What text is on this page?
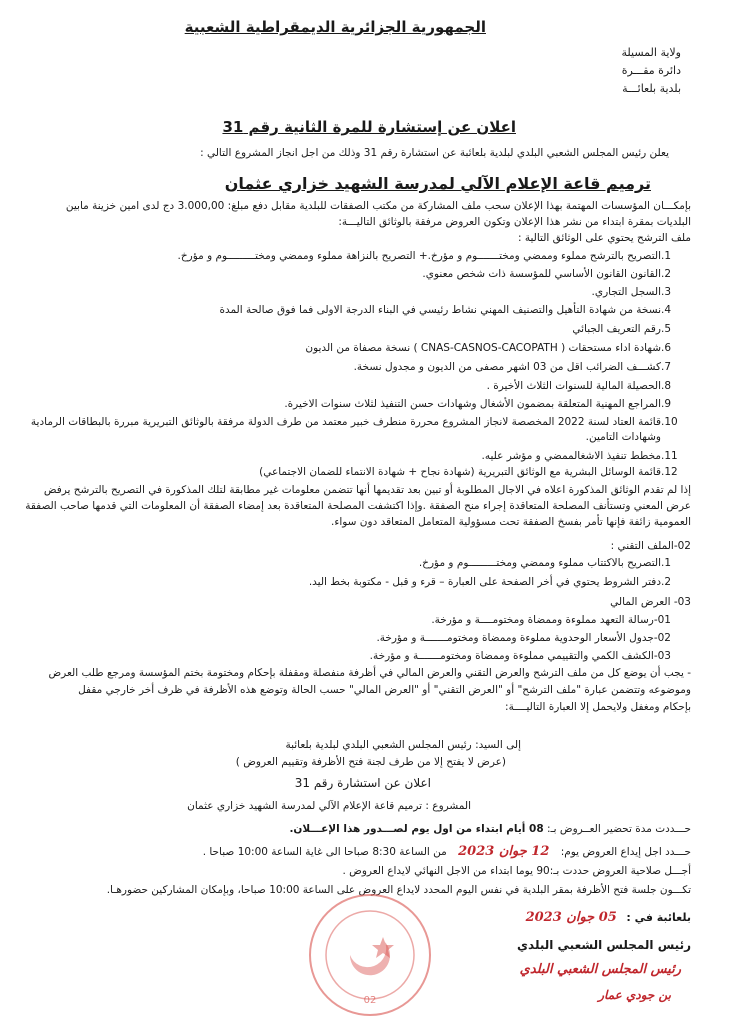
الجمهورية الجزائرية الديمقراطية الشعبية
ولاية المسيلة
دائرة مقـــرة
بلدية بلعائـــة
اعلان عن إستشارة للمرة الثانية رقم 31
يعلن رئيس المجلس الشعبي البلدي لبلدية بلعائبة عن استشارة رقم 31 وذلك من اجل انجاز المشروع التالي :
ترميم قاعة الإعلام الآلي لمدرسة الشهيد خزاري عثمان
بإمكـــان المؤسسات المهتمة بهذا الإعلان سحب ملف المشاركة من مكتب الصفقات للبلدية مقابل دفع مبلغ: 3.000,00 دج لدى امين خزينة مابين
البلديات بمقرة ابتداء من نشر هذا الإعلان وتكون العروض مرفقة بالوثائق التاليـــة:
ملف الترشح يحتوي على الوثائق التالية :
1.التصريح بالترشح مملوء وممضي ومختـــــــوم و مؤرخ.+ التصريح بالنزاهة مملوء وممضي ومختـــــــــوم و مؤرخ.
2.القانون القانون الأساسي للمؤسسة ذات شخص معنوي.
3.السجل التجاري.
4.نسخة من شهادة التأهيل والتصنيف المهني نشاط رئيسي في البناء الدرجة الاولى فما فوق صالحة المدة
5.رقم التعريف الجبائي
6.شهادة اداء مستحقات ( CNAS-CASNOS-CACOPATH ) نسخة مصفاة من الديون
7.كشـــف الضرائب اقل من 03 اشهر مصفى من الديون و مجدول نسخة.
8.الحصيلة المالية للسنوات الثلاث الأخيرة .
9.المراجع المهنية المتعلقة بمضمون الأشغال وشهادات حسن التنفيذ لثلاث سنوات الاخيرة.
10.قائمة العتاد لسنة 2022 المخصصة لانجاز المشروع محررة منطرف خبير معتمد من طرف الدولة مرفقة بالوثائق التبريرية مبررة بالبطاقات الرمادية
وشهادات التامين.
11.مخطط تنفيذ الاشغالممضي و مؤشر عليه.
12.قائمة الوسائل البشرية مع الوثائق التبريرية (شهادة نجاح + شهادة الانتماء للضمان الاجتماعي)
إذا لم تقدم الوثائق المذكورة اعلاه في الاجال المطلوبة أو تبين بعد تقديمها أنها تتضمن معلومات غير مطابقة لتلك المذكورة في التصريح بالترشح يرفض
عرض المعني وتستأنف المصلحة المتعاقدة إجراء منح الصفقة .وإذا اكتشفت المصلحة المتعاقدة بعد إمضاء الصفقة أن المعلومات التي قدمها صاحب الصفقة
العمومية زائفة فإنها تأمر بفسخ الصفقة تحت مسؤولية المتعامل المتعاقد دون سواء.
02-الملف التقني :
1.التصريح بالاكتتاب مملوء وممضي ومختـــــــــوم و مؤرخ.
2.دفتر الشروط يحتوي في أخر الصفحة على العبارة – قرء و قبل - مكتوبة بخط اليد.
03- العرض المالي
01-رسالة التعهد مملوءة وممضاة ومختومــــة و مؤرخة.
02-جدول الأسعار الوحدوية مملوءة وممضاة ومختومـــــــة و مؤرخة.
03-الكشف الكمي والتقييمي مملوءة وممضاة ومختومـــــــة و مؤرخة.
- يجب أن يوضع كل من ملف الترشح والعرض التقني والعرض المالي في أظرفة منفصلة ومقفلة بإحكام ومختومة بختم المؤسسة ومرجع طلب العرض
وموضوعه وتتضمن عبارة "ملف الترشح" أو "العرض التقني" أو "العرض المالي" حسب الحالة وتوضع هذه الأظرفة في ظرف أخر خارجي مقفل
بإحكام ومغفل ولايحمل إلا العبارة التاليــــة:
إلى السيد: رئيس المجلس الشعبي البلدي لبلدية بلعائبة
(عرض لا يفتح إلا من طرف لجنة فتح الأظرفة وتقييم العروض )
اعلان عن استشارة رقم 31
المشروع : ترميم قاعة الإعلام الآلي لمدرسة الشهيد خزاري عثمان
حـــددت مدة تحضير العــروض بـ: 08 أيام ابتداء من اول يوم لصـــدور هذا الإعـــلان.
حـــدد اجل إيداع العروض يوم: 12 جوان 2023 من الساعة 8:30 صباحا الى غاية الساعة 10:00 صباحا .
أجـــل صلاحية العروض حددت بـ:90 يوما ابتداء من الاجل النهائي لايداع العروض .
تكـــون جلسة فتح الأظرفة بمقر البلدية في نفس اليوم المحدد لايداع العروض على الساعة 10:00 صباحا، وبإمكان المشاركين حضورهـا.
بلعائبة في : 05 جوان 2023
رئيس المجلس الشعبي البلدي
رئيس المجلس الشعبي البلدي
بن جودي عمار
02
